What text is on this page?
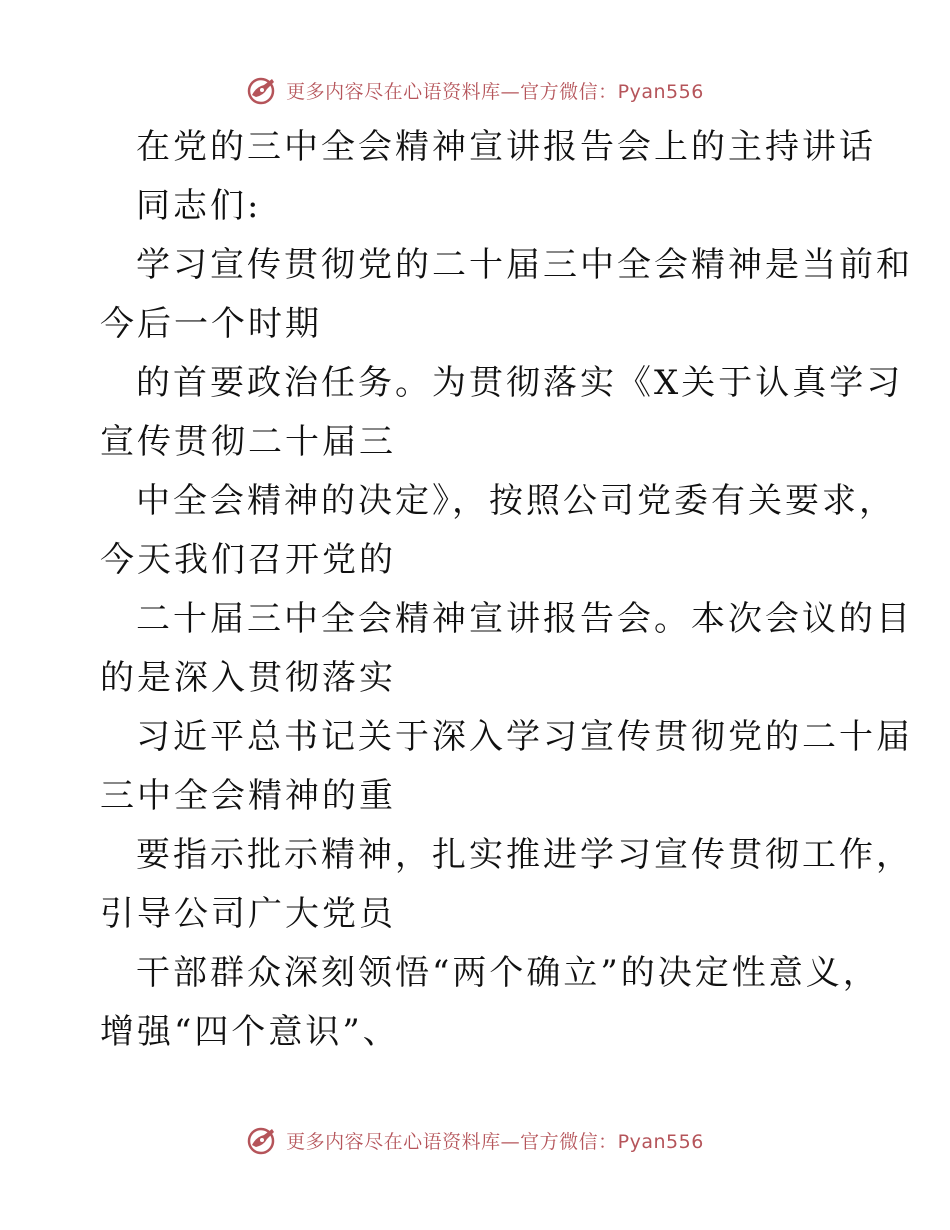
更多内容尽在心语资料库—官方微信：Pyan556
在党的三中全会精神宣讲报告会上的主持讲话
同志们:
学习宣传贯彻党的二十届三中全会精神是当前和
今后一个时期
的首要政治任务。为贯彻落实《X关于认真学习
宣传贯彻二十届三
中全会精神的决定》，按照公司党委有关要求，
今天我们召开党的
二十届三中全会精神宣讲报告会。本次会议的目
的是深入贯彻落实
习近平总书记关于深入学习宣传贯彻党的二十届
三中全会精神的重
要指示批示精神，扎实推进学习宣传贯彻工作，
引导公司广大党员
干部群众深刻领悟“两个确立”的决定性意义，
增强“四个意识”、
更多内容尽在心语资料库—官方微信：Pyan556
